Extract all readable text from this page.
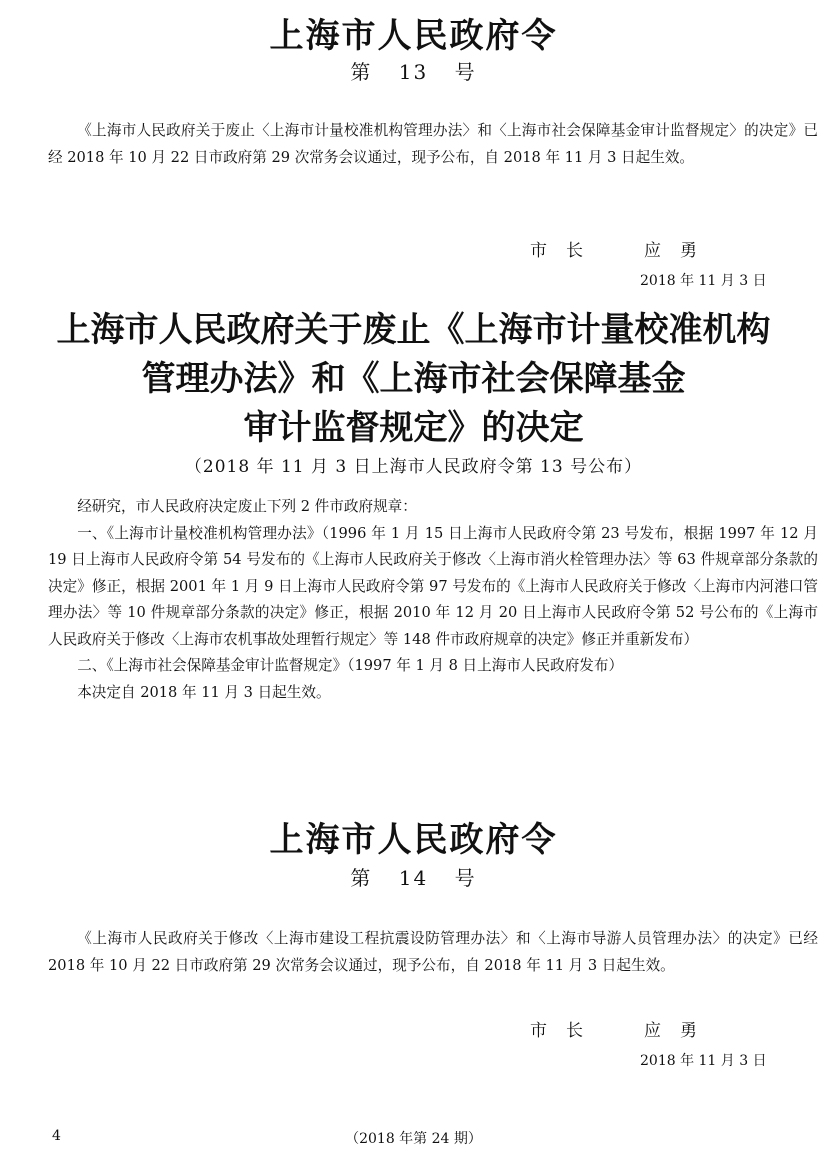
上海市人民政府令
第 13 号
《上海市人民政府关于废止〈上海市计量校准机构管理办法〉和〈上海市社会保障基金审计监督规定〉的决定》已经 2018 年 10 月 22 日市政府第 29 次常务会议通过，现予公布，自 2018 年 11 月 3 日起生效。
市　长	应　勇
2018 年 11 月 3 日
上海市人民政府关于废止《上海市计量校准机构
管理办法》和《上海市社会保障基金
审计监督规定》的决定
（2018 年 11 月 3 日上海市人民政府令第 13 号公布）
经研究，市人民政府决定废止下列 2 件市政府规章：
一、《上海市计量校准机构管理办法》（1996 年 1 月 15 日上海市人民政府令第 23 号发布，根据 1997 年 12 月 19 日上海市人民政府令第 54 号发布的《上海市人民政府关于修改〈上海市消火栓管理办法〉等 63 件规章部分条款的决定》修正，根据 2001 年 1 月 9 日上海市人民政府令第 97 号发布的《上海市人民政府关于修改〈上海市内河港口管理办法〉等 10 件规章部分条款的决定》修正，根据 2010 年 12 月 20 日上海市人民政府令第 52 号公布的《上海市人民政府关于修改〈上海市农机事故处理暂行规定〉等 148 件市政府规章的决定》修正并重新发布）
二、《上海市社会保障基金审计监督规定》（1997 年 1 月 8 日上海市人民政府发布）
本决定自 2018 年 11 月 3 日起生效。
上海市人民政府令
第 14 号
《上海市人民政府关于修改〈上海市建设工程抗震设防管理办法〉和〈上海市导游人员管理办法〉的决定》已经 2018 年 10 月 22 日市政府第 29 次常务会议通过，现予公布，自 2018 年 11 月 3 日起生效。
市　长	应　勇
2018 年 11 月 3 日
4	（2018 年第 24 期）
